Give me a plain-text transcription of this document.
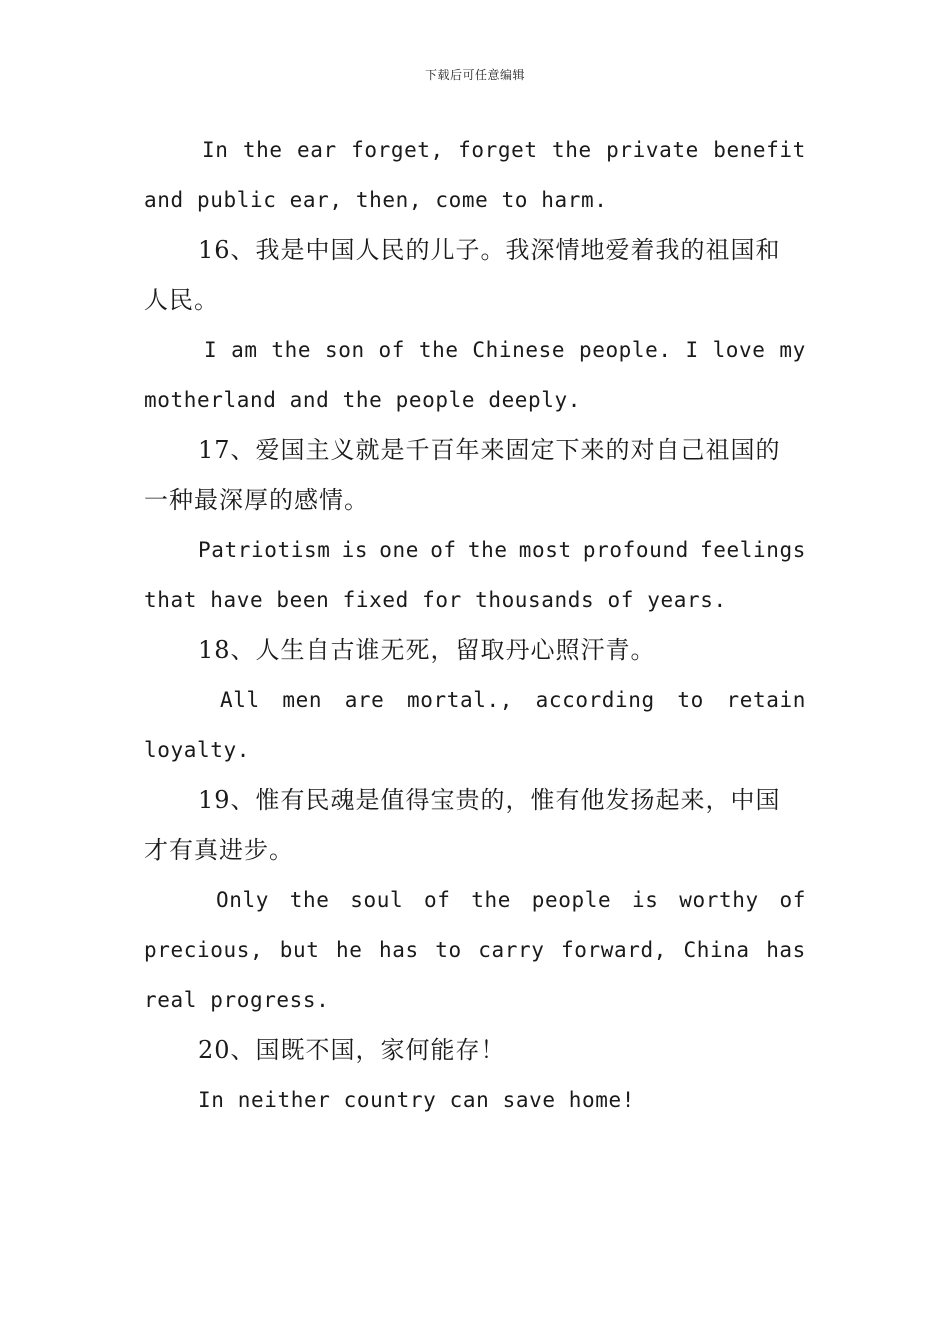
下载后可任意编辑
In the ear forget, forget the private benefit
and public ear, then, come to harm.
16、我是中国人民的儿子。我深情地爱着我的祖国和
人民。
I am the son of the Chinese people. I love my
motherland and the people deeply.
17、爱国主义就是千百年来固定下来的对自己祖国的
一种最深厚的感情。
Patriotism is one of the most profound feelings
that have been fixed for thousands of years.
18、人生自古谁无死，留取丹心照汗青。
All men are mortal., according to retain
loyalty.
19、惟有民魂是值得宝贵的，惟有他发扬起来，中国
才有真进步。
Only the soul of the people is worthy of
precious, but he has to carry forward, China has
real progress.
20、国既不国，家何能存！
In neither country can save home!
